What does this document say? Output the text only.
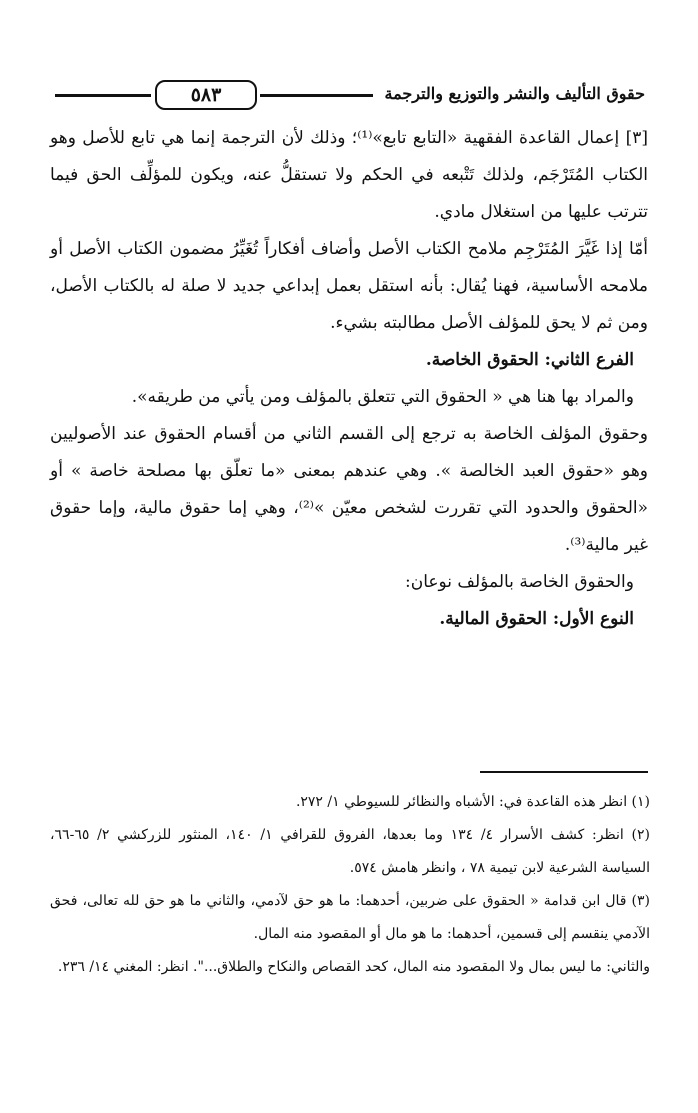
حقوق التأليف والنشر والتوزيع والترجمة
٥٨٣

[٣] إعمال القاعدة الفقهية «التابع تابع»⁽¹⁾؛ وذلك لأن الترجمة إنما هي تابع للأصل وهو الكتاب المُتَرْجَم، ولذلك تَتْبعه في الحكم ولا تستقلُّ عنه، ويكون للمؤلِّف الحق فيما تترتب عليها من استغلال مادي.

أمّا إذا غَيَّرَ المُتَرْجِم ملامح الكتاب الأصل وأضاف أفكاراً تُغَيِّرُ مضمون الكتاب الأصل أو ملامحه الأساسية، فهنا يُقال: بأنه استقل بعمل إبداعي جديد لا صلة له بالكتاب الأصل، ومن ثم لا يحق للمؤلف الأصل مطالبته بشيء.

الفرع الثاني: الحقوق الخاصة.

والمراد بها هنا هي « الحقوق التي تتعلق بالمؤلف ومن يأتي من طريقه».

وحقوق المؤلف الخاصة به ترجع إلى القسم الثاني من أقسام الحقوق عند الأصوليين وهو «حقوق العبد الخالصة ». وهي عندهم بمعنى «ما تعلّق بها مصلحة خاصة » أو «الحقوق والحدود التي تقررت لشخص معيّن »⁽²⁾، وهي إما حقوق مالية، وإما حقوق غير مالية⁽³⁾.

والحقوق الخاصة بالمؤلف نوعان:

النوع الأول: الحقوق المالية.

(١) انظر هذه القاعدة في: الأشباه والنظائر للسيوطي ١/ ٢٧٢.

(٢) انظر: كشف الأسرار ٤/ ١٣٤ وما بعدها، الفروق للقرافي ١/ ١٤٠، المنثور للزركشي ٢/ ٦٥-٦٦، السياسة الشرعية لابن تيمية ٧٨ ، وانظر هامش ٥٧٤.

(٣) قال ابن قدامة « الحقوق على ضربين، أحدهما: ما هو حق لآدمي، والثاني ما هو حق لله تعالى، فحق الآدمي ينقسم إلى قسمين، أحدهما: ما هو مال أو المقصود منه المال.

والثاني: ما ليس بمال ولا المقصود منه المال، كحد القصاص والنكاح والطلاق...". انظر: المغني ١٤/ ٢٣٦.
